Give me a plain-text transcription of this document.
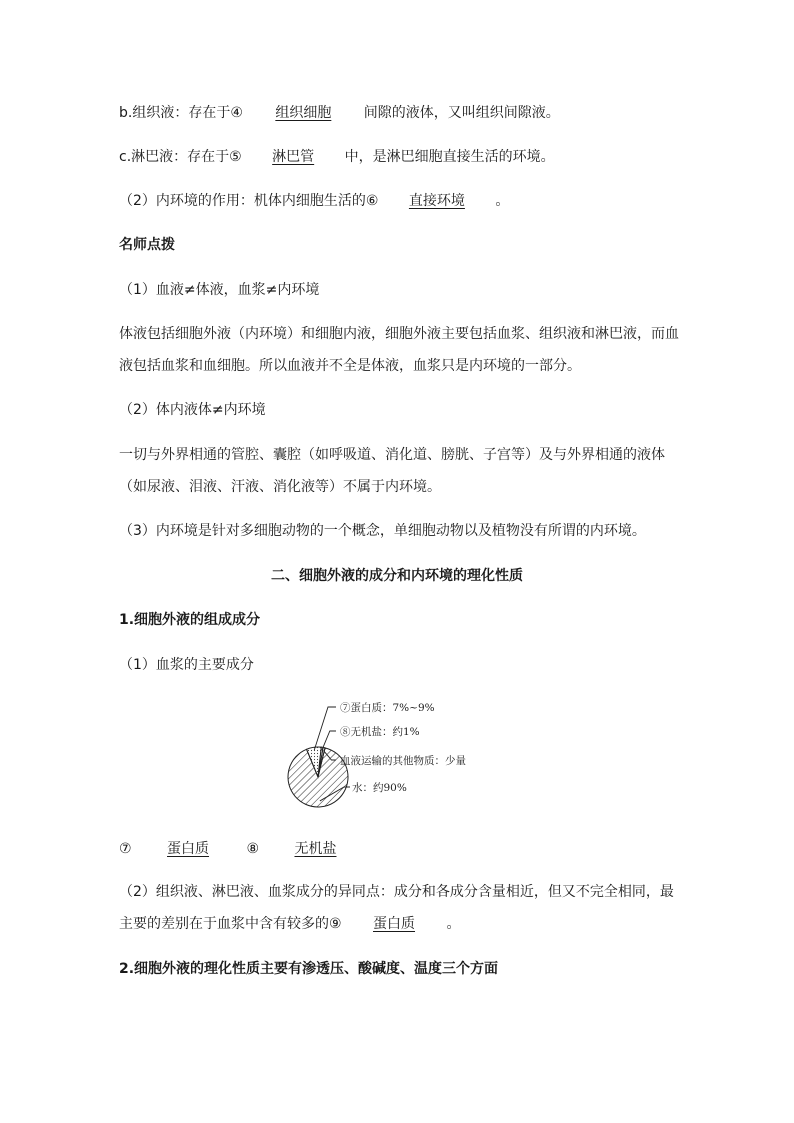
b.组织液：存在于④ 组织细胞 间隙的液体，又叫组织间隙液。
c.淋巴液：存在于⑤ 淋巴管 中，是淋巴细胞直接生活的环境。
（2）内环境的作用：机体内细胞生活的⑥ 直接环境 。
名师点拨
（1）血液≠体液，血浆≠内环境
体液包括细胞外液（内环境）和细胞内液，细胞外液主要包括血浆、组织液和淋巴液，而血
液包括血浆和血细胞。所以血液并不全是体液，血浆只是内环境的一部分。
（2）体内液体≠内环境
一切与外界相通的管腔、囊腔（如呼吸道、消化道、膀胱、子宫等）及与外界相通的液体
（如尿液、泪液、汗液、消化液等）不属于内环境。
（3）内环境是针对多细胞动物的一个概念，单细胞动物以及植物没有所谓的内环境。
二、细胞外液的成分和内环境的理化性质
1.细胞外液的组成成分
（1）血浆的主要成分
⑦蛋白质：7%~9%
⑧无机盐：约1%
血液运输的其他物质：少量
水：约90%
⑦	蛋白质	⑧	无机盐
（2）组织液、淋巴液、血浆成分的异同点：成分和各成分含量相近，但又不完全相同，最
主要的差别在于血浆中含有较多的⑨ 蛋白质 。
2.细胞外液的理化性质主要有渗透压、酸碱度、温度三个方面
